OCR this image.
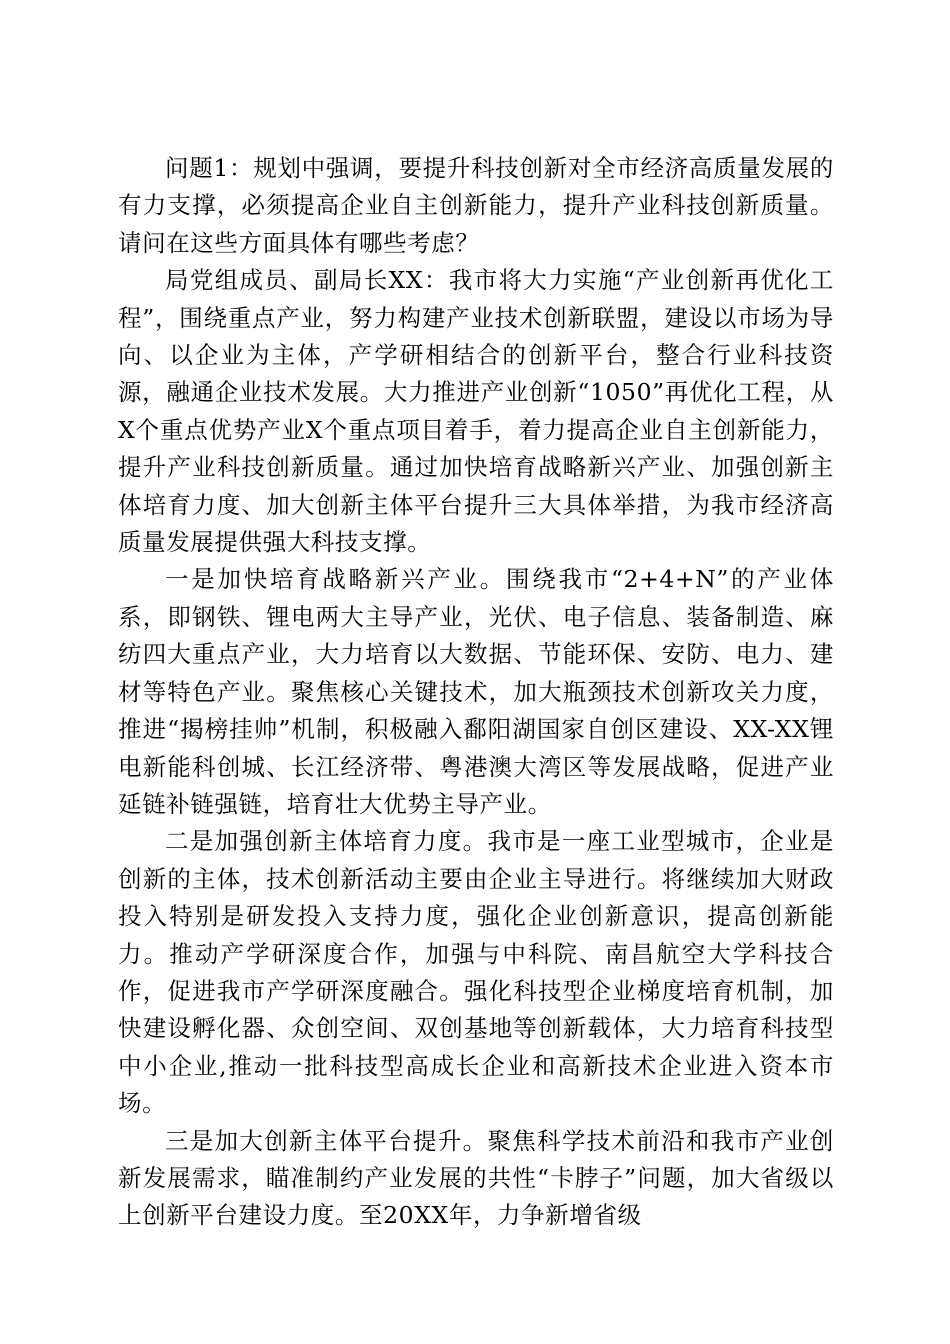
问题1：规划中强调，要提升科技创新对全市经济高质量发展的有力支撑，必须提高企业自主创新能力，提升产业科技创新质量。请问在这些方面具体有哪些考虑？

局党组成员、副局长XX：我市将大力实施“产业创新再优化工程”，围绕重点产业，努力构建产业技术创新联盟，建设以市场为导向、以企业为主体，产学研相结合的创新平台，整合行业科技资源，融通企业技术发展。大力推进产业创新“1050”再优化工程，从X个重点优势产业X个重点项目着手，着力提高企业自主创新能力，提升产业科技创新质量。通过加快培育战略新兴产业、加强创新主体培育力度、加大创新主体平台提升三大具体举措，为我市经济高质量发展提供强大科技支撑。

一是加快培育战略新兴产业。围绕我市“2+4+N”的产业体系，即钢铁、锂电两大主导产业，光伏、电子信息、装备制造、麻纺四大重点产业，大力培育以大数据、节能环保、安防、电力、建材等特色产业。聚焦核心关键技术，加大瓶颈技术创新攻关力度，推进“揭榜挂帅”机制，积极融入鄱阳湖国家自创区建设、XX-XX锂电新能科创城、长江经济带、粤港澳大湾区等发展战略，促进产业延链补链强链，培育壮大优势主导产业。

二是加强创新主体培育力度。我市是一座工业型城市，企业是创新的主体，技术创新活动主要由企业主导进行。将继续加大财政投入特别是研发投入支持力度，强化企业创新意识，提高创新能力。推动产学研深度合作，加强与中科院、南昌航空大学科技合作，促进我市产学研深度融合。强化科技型企业梯度培育机制，加快建设孵化器、众创空间、双创基地等创新载体，大力培育科技型中小企业,推动一批科技型高成长企业和高新技术企业进入资本市场。

三是加大创新主体平台提升。聚焦科学技术前沿和我市产业创新发展需求，瞄准制约产业发展的共性“卡脖子”问题，加大省级以上创新平台建设力度。至20XX年，力争新增省级
